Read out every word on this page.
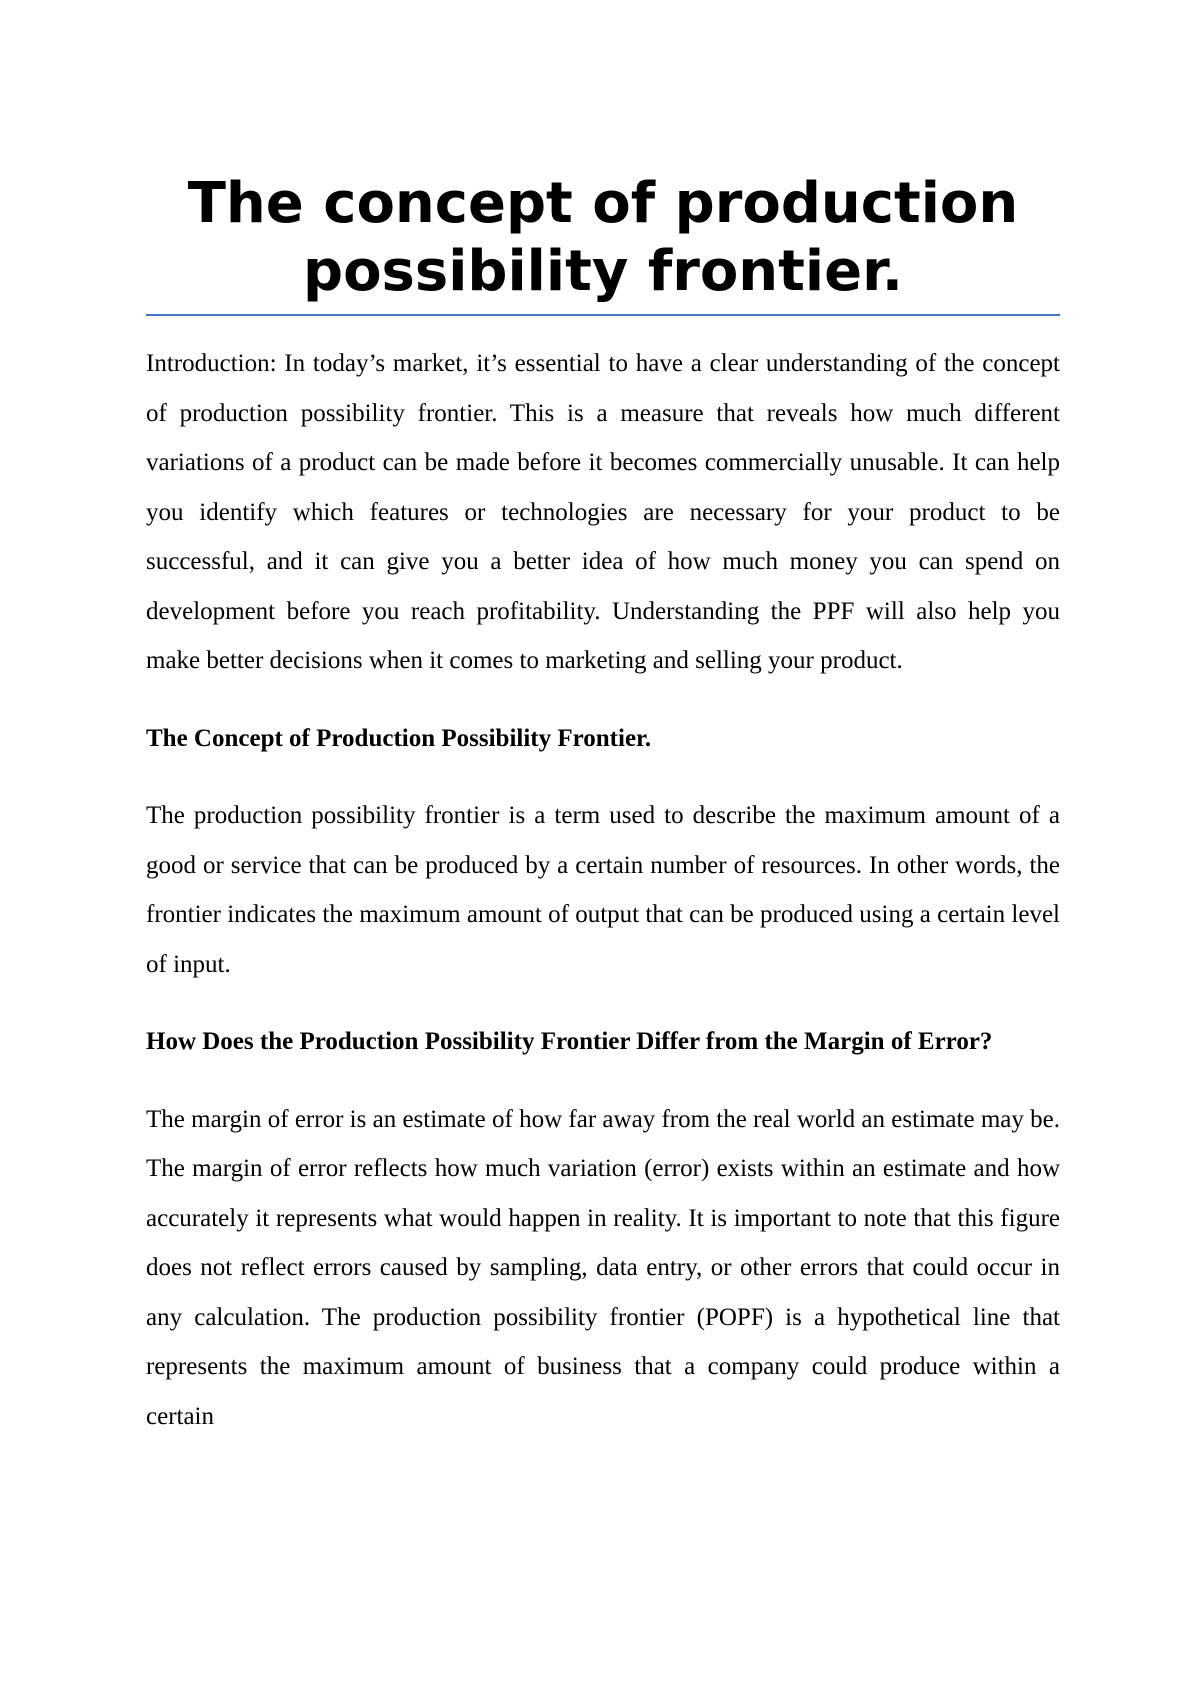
The concept of production possibility frontier.

Introduction: In today’s market, it’s essential to have a clear understanding of the concept of production possibility frontier. This is a measure that reveals how much different variations of a product can be made before it becomes commercially unusable. It can help you identify which features or technologies are necessary for your product to be successful, and it can give you a better idea of how much money you can spend on development before you reach profitability. Understanding the PPF will also help you make better decisions when it comes to marketing and selling your product.

The Concept of Production Possibility Frontier.

The production possibility frontier is a term used to describe the maximum amount of a good or service that can be produced by a certain number of resources. In other words, the frontier indicates the maximum amount of output that can be produced using a certain level of input.

How Does the Production Possibility Frontier Differ from the Margin of Error?

The margin of error is an estimate of how far away from the real world an estimate may be. The margin of error reflects how much variation (error) exists within an estimate and how accurately it represents what would happen in reality. It is important to note that this figure does not reflect errors caused by sampling, data entry, or other errors that could occur in any calculation. The production possibility frontier (POPF) is a hypothetical line that represents the maximum amount of business that a company could produce within a certain
